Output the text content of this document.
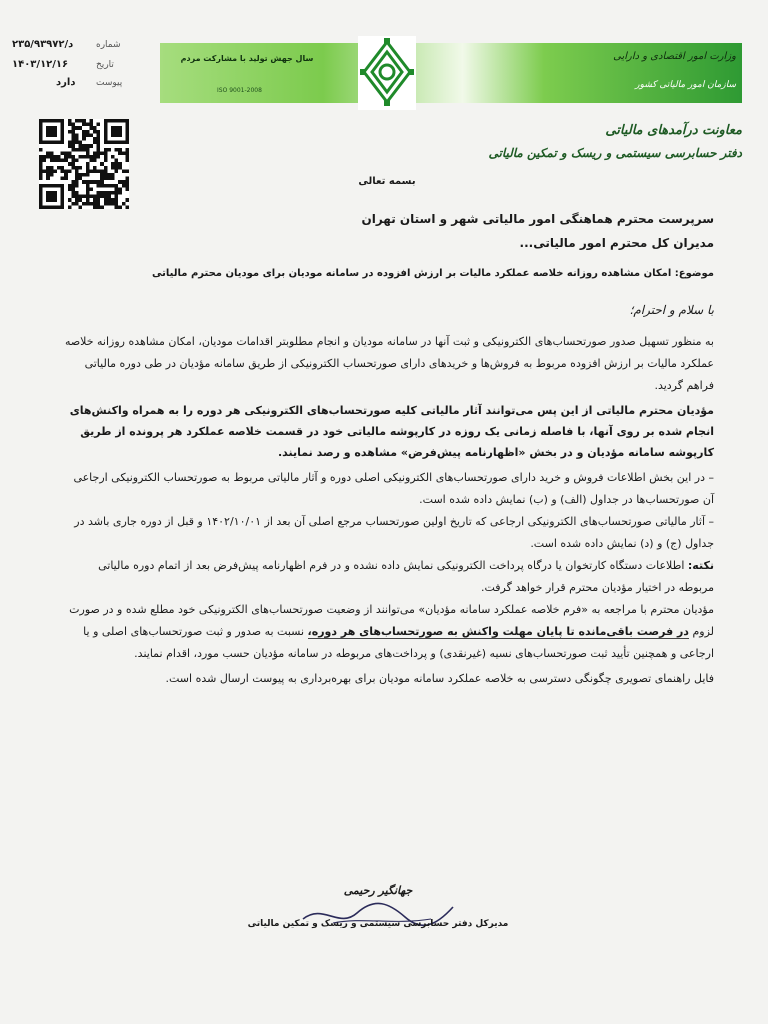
۲۳۵/۹۳۹۷۲/د	شماره
۱۴۰۳/۱۲/۱۶	تاریخ
دارد پیوست
سال جهش تولید با مشارکت مردم
ISO 9001-2008
وزارت امور اقتصادی و دارایی
سازمان امور مالیاتی کشور
معاونت درآمدهای مالیاتی
دفتر حسابرسی سیستمی و ریسک و تمکین مالیاتی

بسمه تعالی

سرپرست محترم هماهنگی امور مالیاتی شهر و استان تهران

مدیران کل محترم امور مالیاتی...

موضوع: امکان مشاهده روزانه خلاصه عملکرد مالیات بر ارزش افزوده در سامانه مودیان برای مودیان محترم مالیاتی

با سلام و احترام؛

به منظور تسهیل صدور صورتحساب‌های الکترونیکی و ثبت آنها در سامانه مودیان و انجام مطلوبتر اقدامات مودیان، امکان مشاهده روزانه خلاصه عملکرد مالیات بر ارزش افزوده مربوط به فروش‌ها و خریدهای دارای صورتحساب الکترونیکی از طریق سامانه مؤدیان در طی دوره مالیاتی فراهم گردید.

مؤدیان محترم مالیاتی از این پس می‌توانند آثار مالیاتی کلیه صورتحساب‌های الکترونیکی هر دوره را به همراه واکنش‌های انجام شده بر روی آنها، با فاصله زمانی یک روزه در کارپوشه مالیاتی خود در قسمت خلاصه عملکرد هر پرونده از طریق کارپوشه سامانه مؤدیان و در بخش «اظهارنامه پیش‌فرض» مشاهده و رصد نمایند.

– در این بخش اطلاعات فروش و خرید دارای صورتحساب‌های الکترونیکی اصلی دوره و آثار مالیاتی مربوط به صورتحساب الکترونیکی ارجاعی آن صورتحساب‌ها در جداول (الف) و (ب) نمایش داده شده است.

– آثار مالیاتی صورتحساب‌های الکترونیکی ارجاعی که تاریخ اولین صورتحساب مرجع اصلی آن بعد از ۱۴۰۲/۱۰/۰۱ و قبل از دوره جاری باشد در جداول (ج) و (د) نمایش داده شده است.

نکته: اطلاعات دستگاه کارتخوان یا درگاه پرداخت الکترونیکی نمایش داده نشده و در فرم اظهارنامه پیش‌فرض بعد از اتمام دوره مالیاتی مربوطه در اختیار مؤدیان محترم قرار خواهد گرفت.

مؤدیان محترم با مراجعه به «فرم خلاصه عملکرد سامانه مؤدیان» می‌توانند از وضعیت صورتحساب‌های الکترونیکی خود مطلع شده و در صورت لزوم در فرصت باقی‌مانده تا پایان مهلت واکنش به صورتحساب‌های هر دوره، نسبت به صدور و ثبت صورتحساب‌های اصلی و یا ارجاعی و همچنین تأیید ثبت صورتحساب‌های نسیه (غیرنقدی) و پرداخت‌های مربوطه در سامانه مؤدیان حسب مورد، اقدام نمایند.

فایل راهنمای تصویری چگونگی دسترسی به خلاصه عملکرد سامانه مودیان برای بهره‌برداری به پیوست ارسال شده است.

جهانگیر رحیمی
مدیرکل دفتر حسابرسی سیستمی و ریسک و تمکین مالیاتی
